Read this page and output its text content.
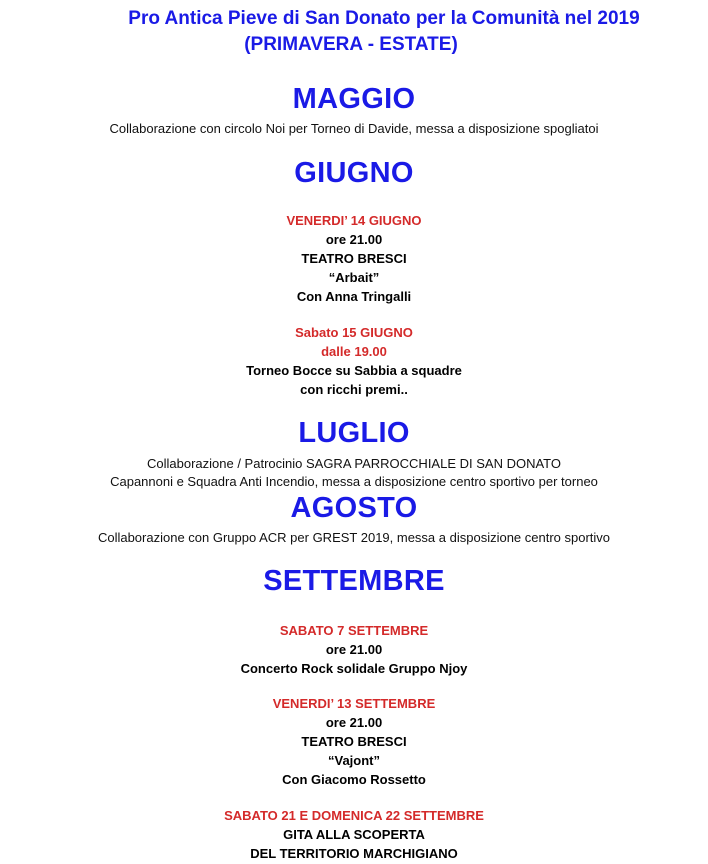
Pro Antica Pieve di San Donato per la Comunità nel 2019
(PRIMAVERA - ESTATE)
MAGGIO
Collaborazione con circolo Noi per Torneo di Davide, messa a disposizione spogliatoi
GIUGNO
VENERDI’ 14 GIUGNO
ore 21.00
TEATRO BRESCI
“Arbait”
Con Anna Tringalli
Sabato 15 GIUGNO
dalle 19.00
Torneo Bocce su Sabbia a squadre
con ricchi premi..
LUGLIO
Collaborazione / Patrocinio SAGRA PARROCCHIALE DI SAN DONATO
Capannoni e Squadra Anti Incendio, messa a disposizione centro sportivo per torneo
AGOSTO
Collaborazione con Gruppo ACR per GREST 2019, messa a disposizione centro sportivo
SETTEMBRE
SABATO 7 SETTEMBRE
ore 21.00
Concerto Rock solidale Gruppo Njoy
VENERDI’ 13 SETTEMBRE
ore 21.00
TEATRO BRESCI
“Vajont”
Con Giacomo Rossetto
SABATO 21 E DOMENICA 22 SETTEMBRE
GITA ALLA SCOPERTA
DEL TERRITORIO MARCHIGIANO
